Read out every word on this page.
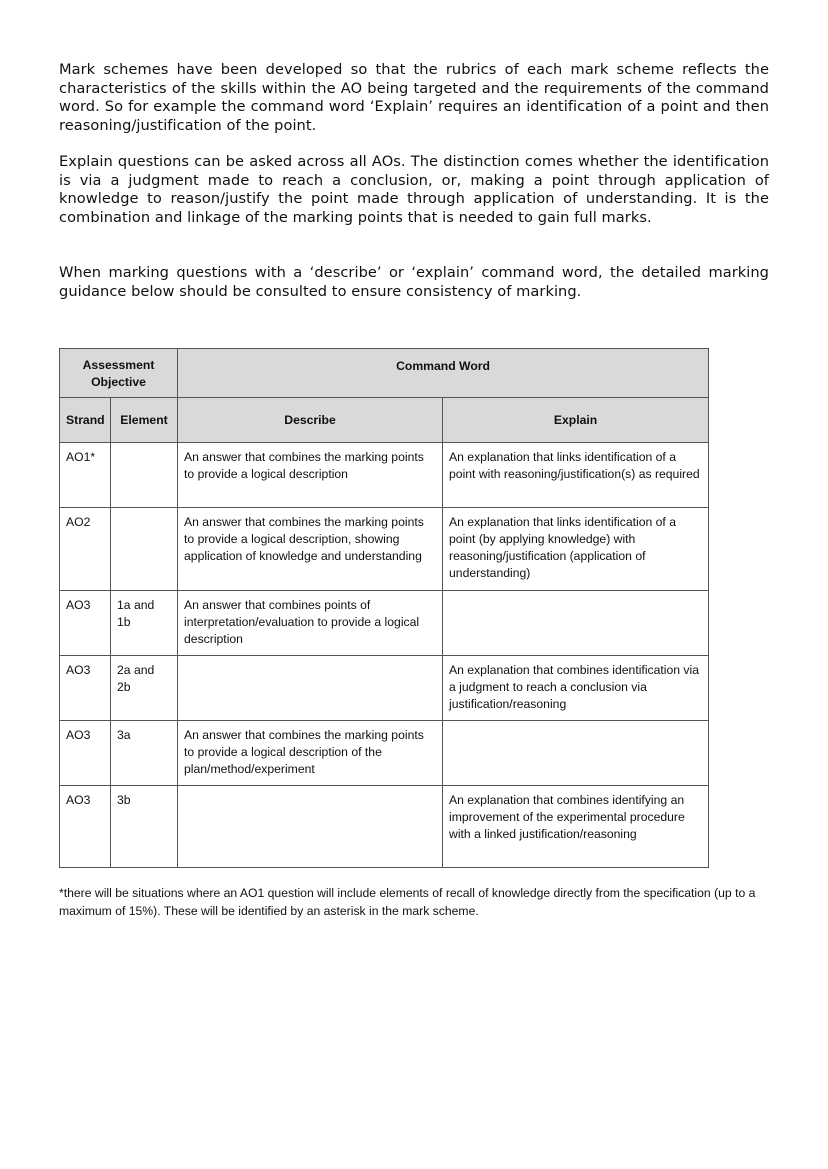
Mark schemes have been developed so that the rubrics of each mark scheme reflects the characteristics of the skills within the AO being targeted and the requirements of the command word. So for example the command word ‘Explain’ requires an identification of a point and then reasoning/justification of the point.

Explain questions can be asked across all AOs. The distinction comes whether the identification is via a judgment made to reach a conclusion, or, making a point through application of knowledge to reason/justify the point made through application of understanding. It is the combination and linkage of the marking points that is needed to gain full marks.

When marking questions with a ‘describe’ or ‘explain’ command word, the detailed marking guidance below should be consulted to ensure consistency of marking.

Assessment Objective		Command Word	
Strand	Element	Describe	Explain
AO1*		An answer that combines the marking points to provide a logical description	An explanation that links identification of a point with reasoning/justification(s) as required
AO2		An answer that combines the marking points to provide a logical description, showing application of knowledge and understanding	An explanation that links identification of a point (by applying knowledge) with reasoning/justification (application of understanding)
AO3	1a and 1b	An answer that combines points of interpretation/evaluation to provide a logical description	
AO3	2a and 2b		An explanation that combines identification via a judgment to reach a conclusion via justification/reasoning
AO3	3a	An answer that combines the marking points to provide a logical description of the plan/method/experiment	
AO3	3b		An explanation that combines identifying an improvement of the experimental procedure with a linked justification/reasoning

*there will be situations where an AO1 question will include elements of recall of knowledge directly from the specification (up to a maximum of 15%). These will be identified by an asterisk in the mark scheme.
